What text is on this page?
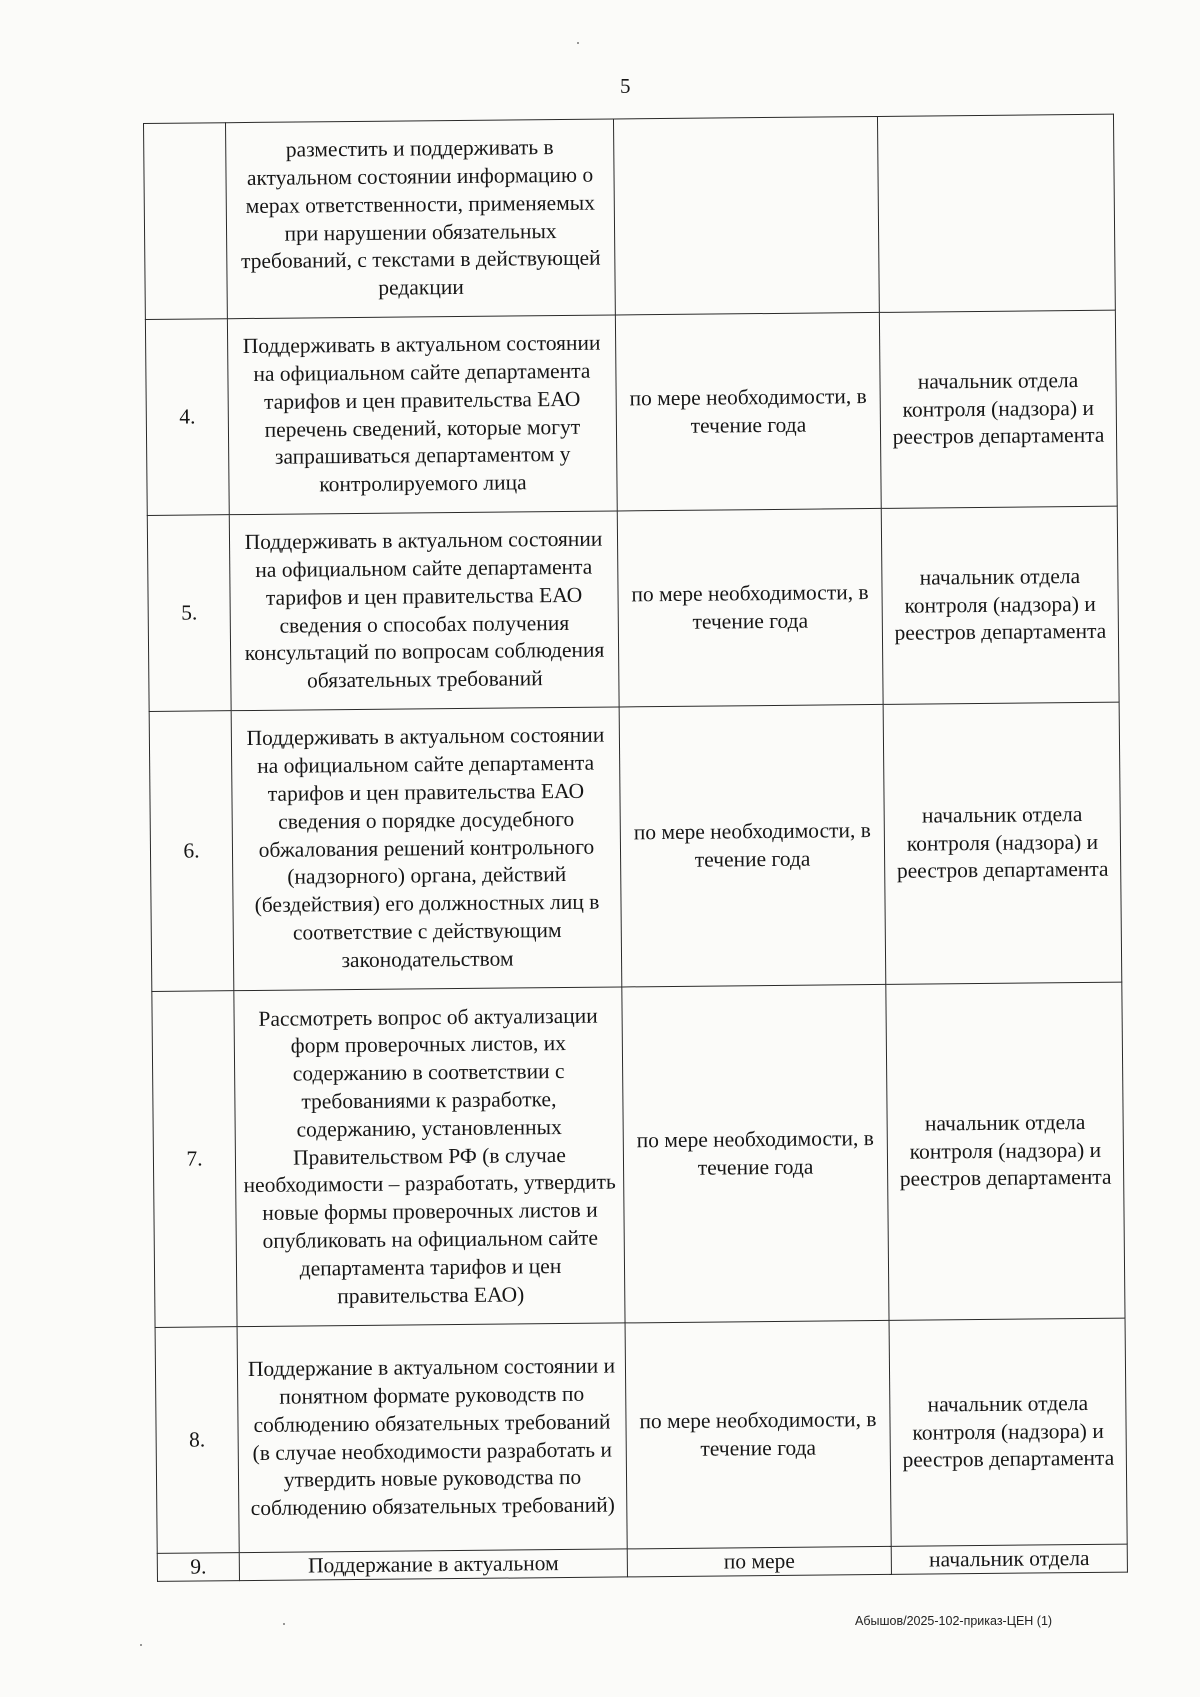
5
	разместить и поддерживать в актуальном состоянии информацию о мерах ответственности, применяемых при нарушении обязательных требований, с текстами в действующей редакции		
4.	Поддерживать в актуальном состоянии на официальном сайте департамента тарифов и цен правительства ЕАО перечень сведений, которые могут запрашиваться департаментом у контролируемого лица	по мере необходимости, в течение года	начальник отдела контроля (надзора) и реестров департамента
5.	Поддерживать в актуальном состоянии на официальном сайте департамента тарифов и цен правительства ЕАО сведения о способах получения консультаций по вопросам соблюдения обязательных требований	по мере необходимости, в течение года	начальник отдела контроля (надзора) и реестров департамента
6.	Поддерживать в актуальном состоянии на официальном сайте департамента тарифов и цен правительства ЕАО сведения о порядке досудебного обжалования решений контрольного (надзорного) органа, действий (бездействия) его должностных лиц в соответствие с действующим законодательством	по мере необходимости, в течение года	начальник отдела контроля (надзора) и реестров департамента
7.	Рассмотреть вопрос об актуализации форм проверочных листов, их содержанию в соответствии с требованиями к разработке, содержанию, установленных Правительством РФ (в случае необходимости – разработать, утвердить новые формы проверочных листов и опубликовать на официальном сайте департамента тарифов и цен правительства ЕАО)	по мере необходимости, в течение года	начальник отдела контроля (надзора) и реестров департамента
8.	Поддержание в актуальном состоянии и понятном формате руководств по соблюдению обязательных требований (в случае необходимости разработать и утвердить новые руководства по соблюдению обязательных требований)	по мере необходимости, в течение года	начальник отдела контроля (надзора) и реестров департамента
9.	Поддержание в актуальном	по мере	начальник отдела
Абышов/2025-102-приказ-ЦЕН (1)
